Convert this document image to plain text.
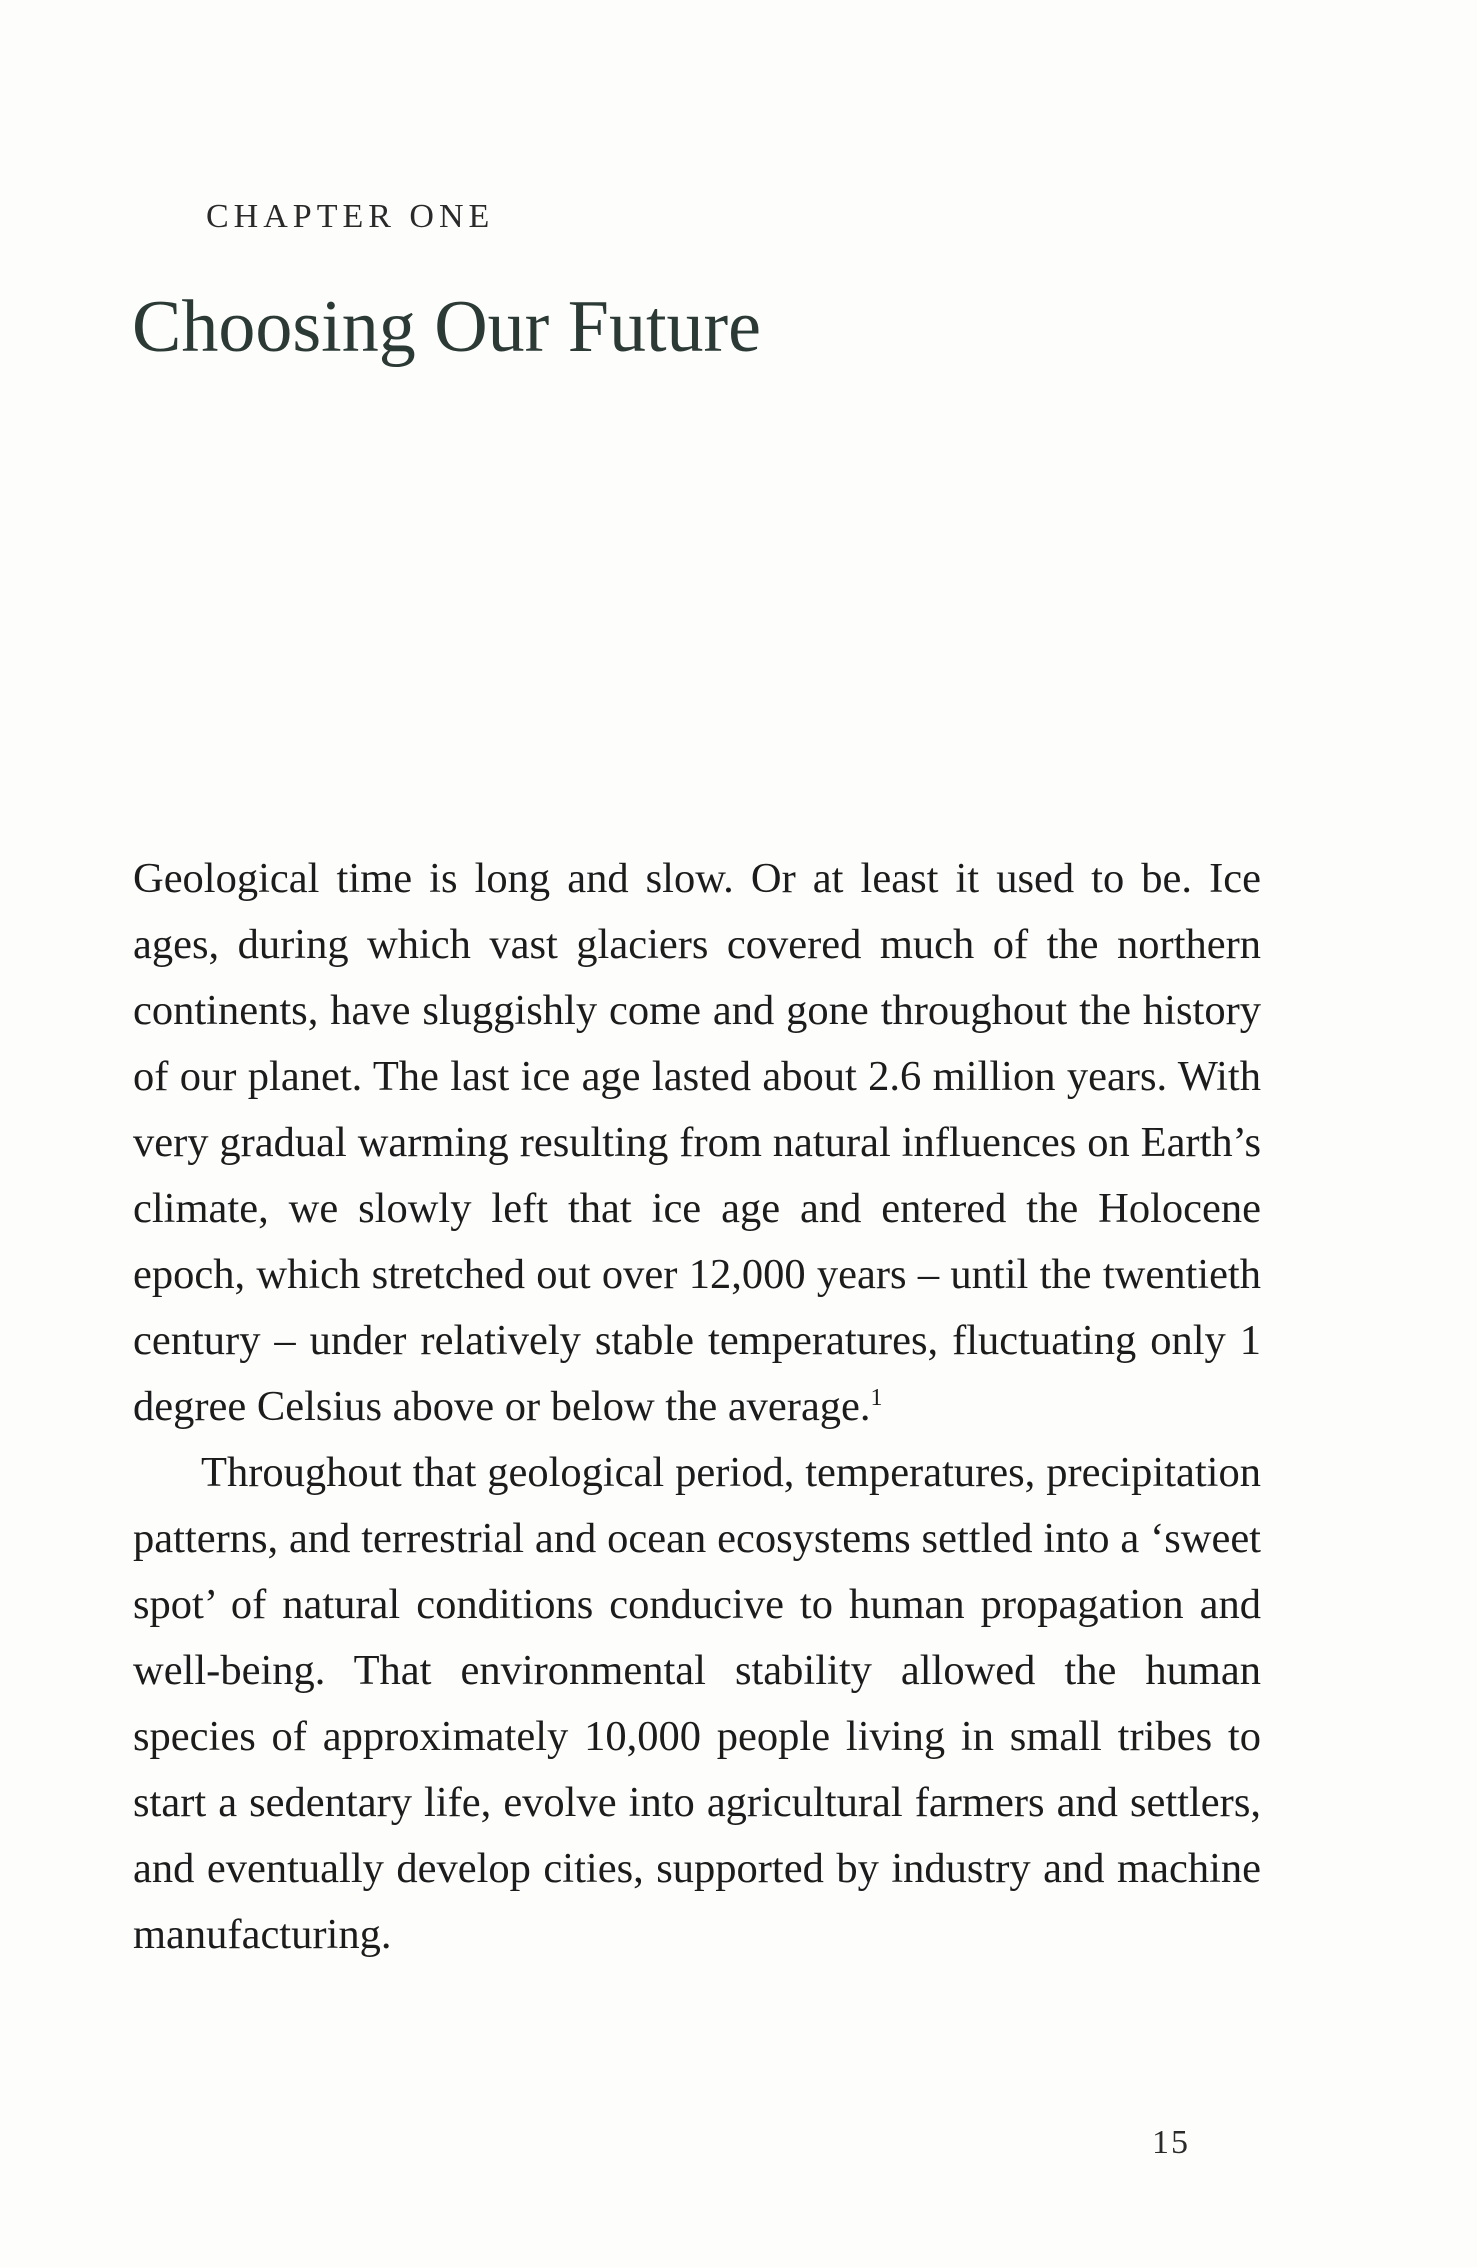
CHAPTER ONE
Choosing Our Future

Geological time is long and slow. Or at least it used to be. Ice ages, during which vast glaciers covered much of the northern continents, have sluggishly come and gone throughout the history of our planet. The last ice age lasted about 2.6 million years. With very gradual warming resulting from natural influences on Earth’s climate, we slowly left that ice age and entered the Holocene epoch, which stretched out over 12,000 years – until the twentieth century – under relatively stable temperatures, fluctuating only 1 degree Celsius above or below the average.$^1$

Throughout that geological period, temperatures, precipitation patterns, and terrestrial and ocean ecosystems settled into a ‘sweet spot’ of natural conditions conducive to human propagation and well-being. That environmental stability allowed the human species of approximately 10,000 people living in small tribes to start a sedentary life, evolve into agricultural farmers and settlers, and eventually develop cities, supported by industry and machine manufacturing.

15
